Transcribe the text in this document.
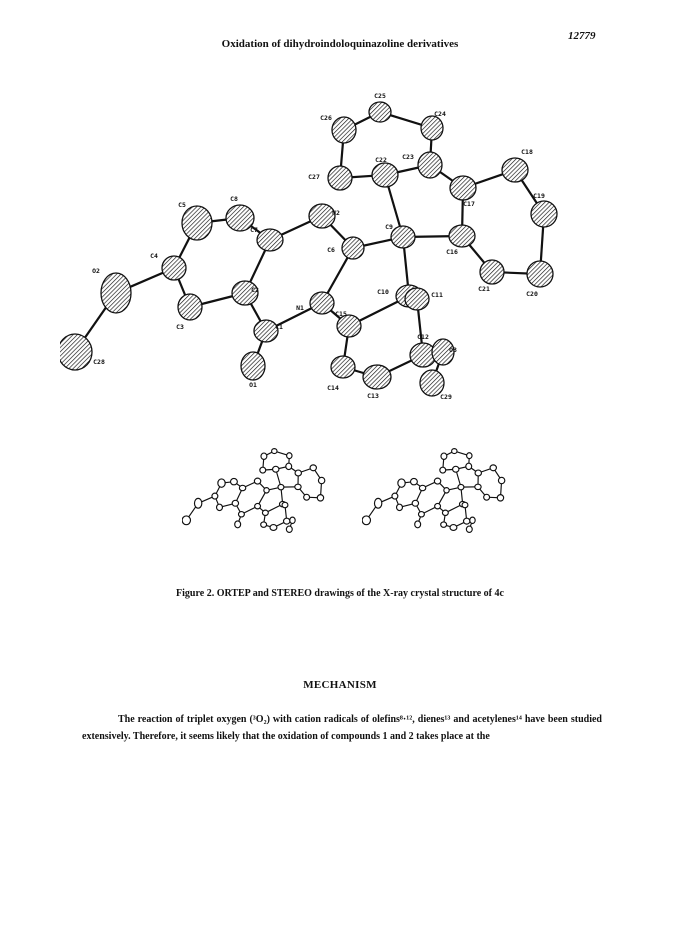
Oxidation of dihydroindoloquinazoline derivatives
12779
C25
C26	C24
C23
C22
C27
C18
C19
C17
C16
C20
C21
C9
N2
C8
C7
C6
C5
C4
O2
C3
C2
C1
N1
C10	C11
C15
C12
O3
C29
C14
C13
C28
O1
Figure 2. ORTEP and STEREO drawings of the X-ray crystal structure of 4c
MECHANISM

The reaction of triplet oxygen (³O₂) with cation radicals of olefins⁸·¹², dienes¹³ and acetylenes¹⁴ have been studied extensively. Therefore, it seems likely that the oxidation of compounds 1 and 2 takes place at the
